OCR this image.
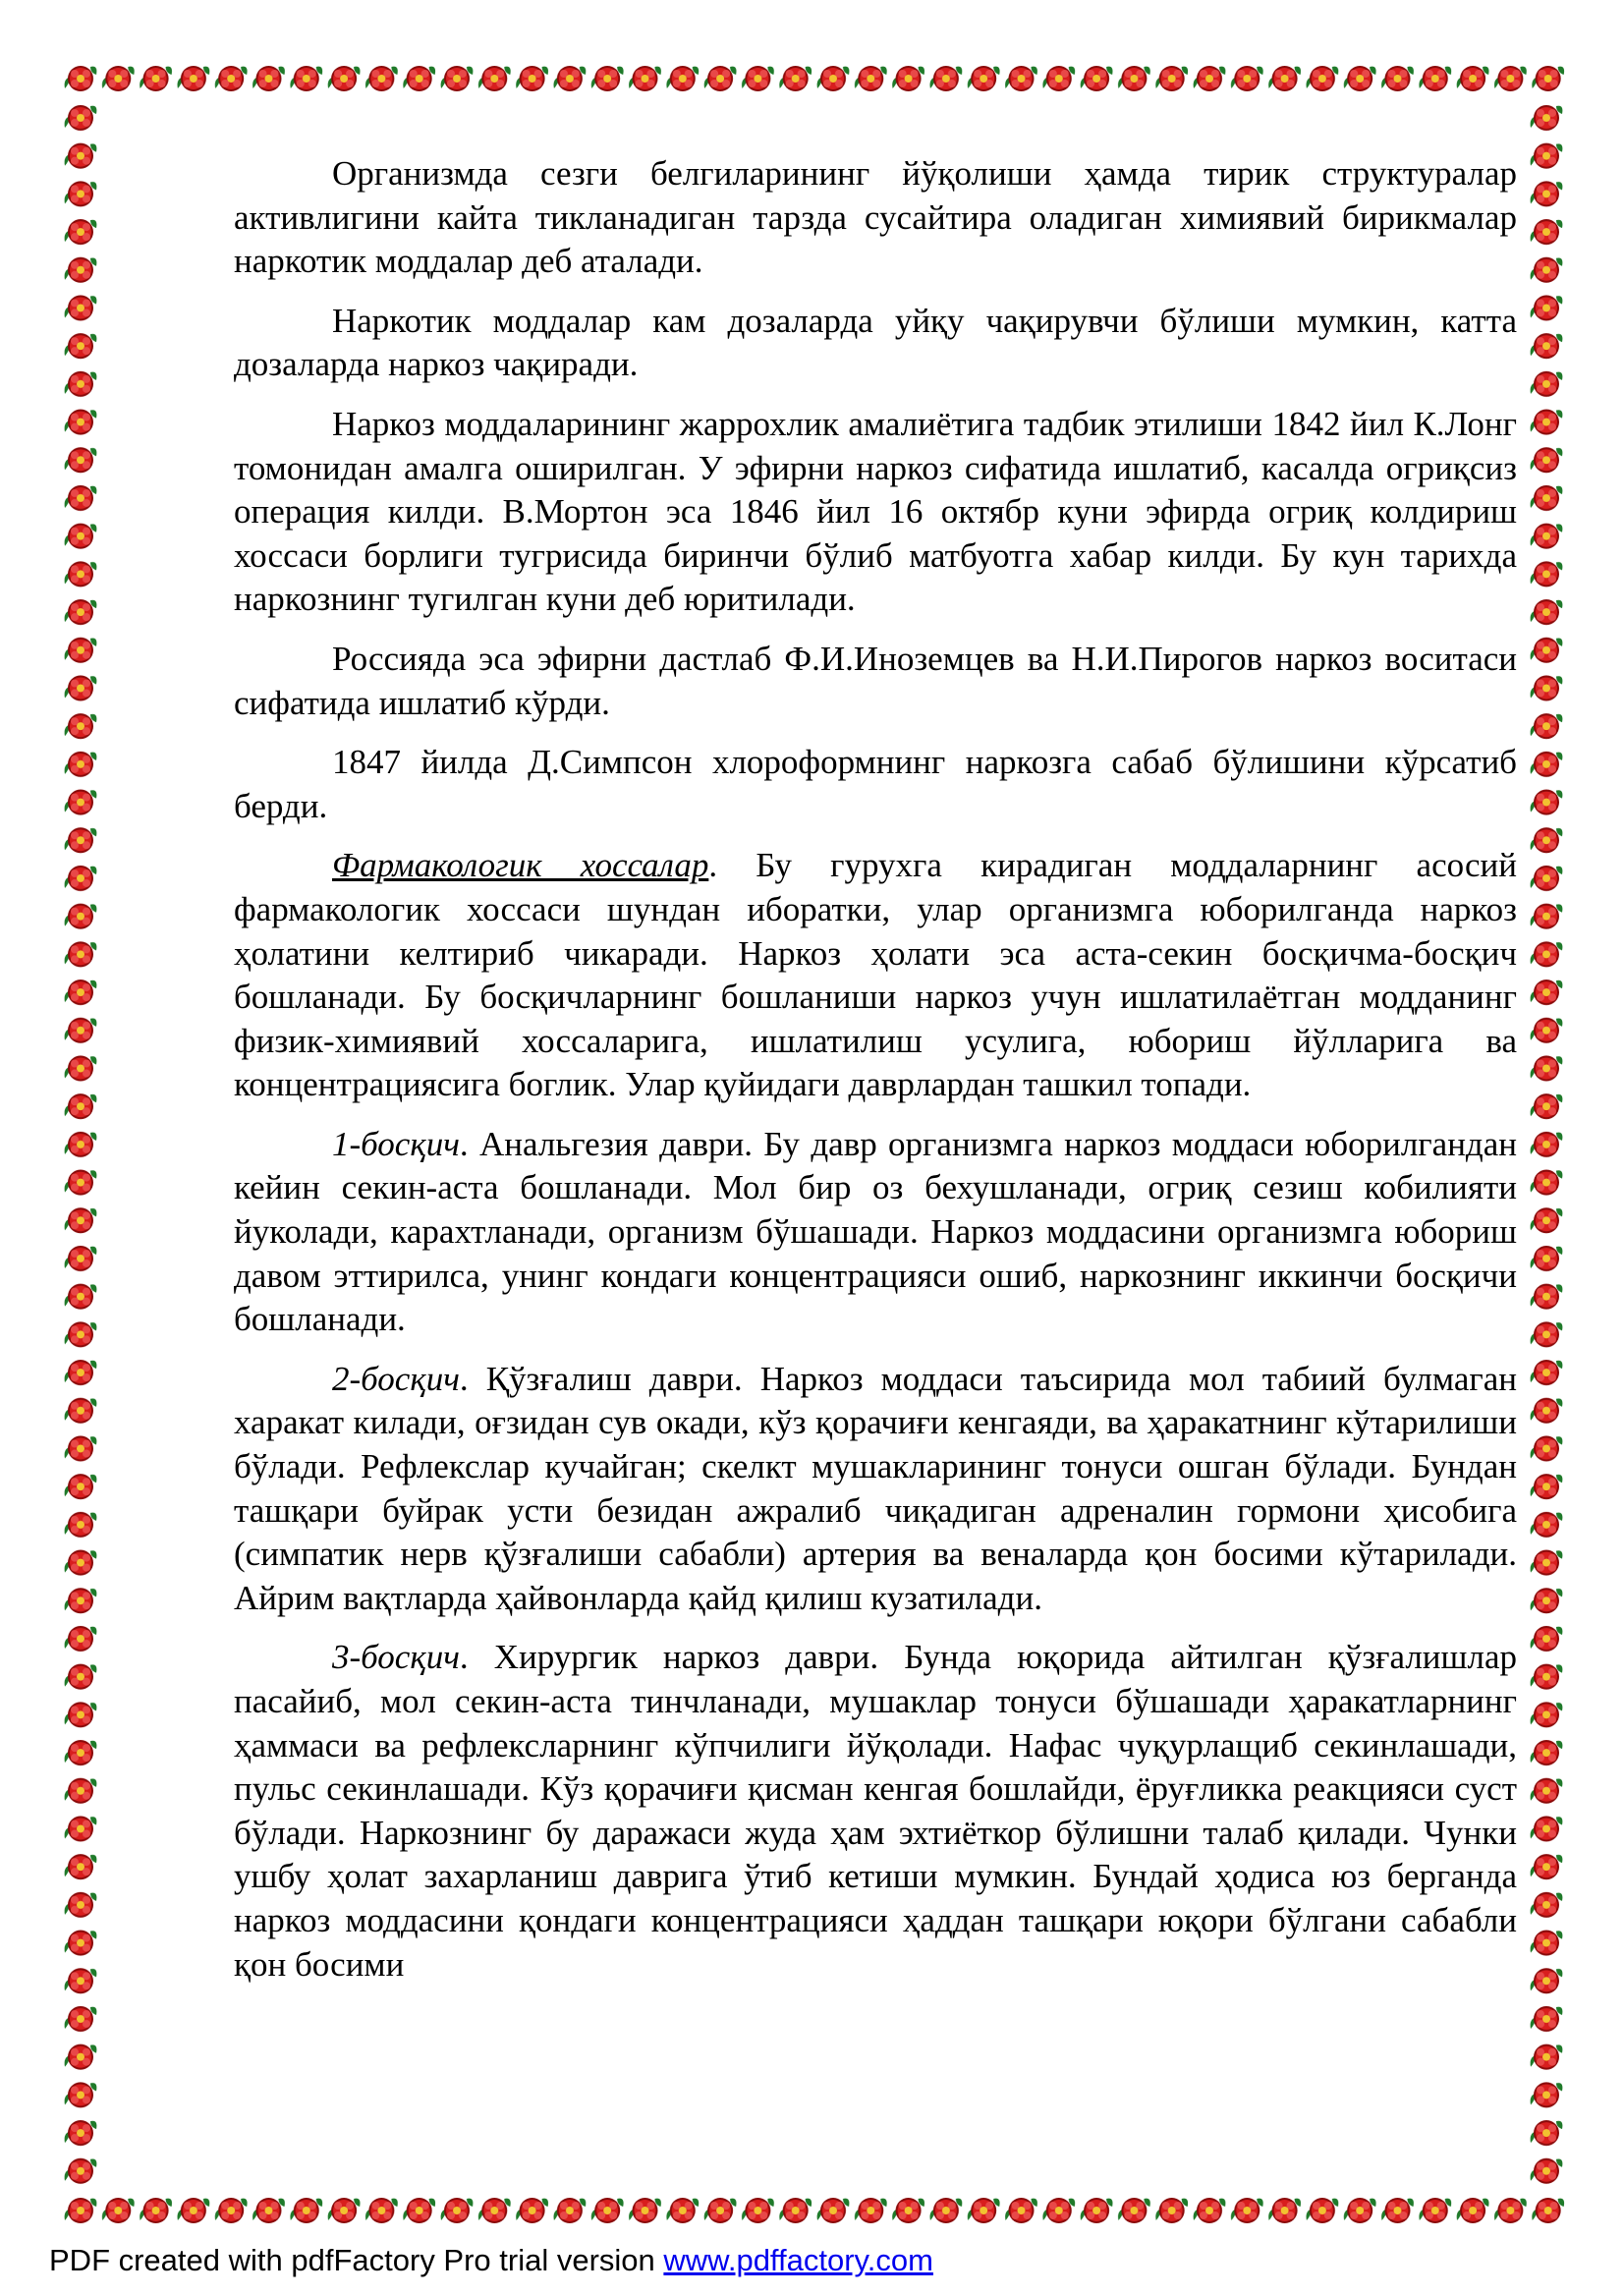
Организмда сезги белгиларининг йўқолиши ҳамда тирик структуралар активлигини кайта тикланадиган тарзда сусайтира оладиган химиявий бирикмалар наркотик моддалар деб аталади.

Наркотик моддалар кам дозаларда уйқу чақирувчи бўлиши мумкин, катта дозаларда наркоз чақиради.

Наркоз моддаларининг жаррохлик амалиётига тадбик этилиши 1842 йил К.Лонг томонидан амалга оширилган. У эфирни наркоз сифатида ишлатиб, касалда огриқсиз операция килди. В.Мортон эса 1846 йил 16 октябр куни эфирда огриқ колдириш хоссаси борлиги тугрисида биринчи бўлиб матбуотга хабар килди. Бу кун тарихда наркознинг тугилган куни деб юритилади.

Россияда эса эфирни дастлаб Ф.И.Иноземцев ва Н.И.Пирогов наркоз воситаси сифатида ишлатиб кўрди.

1847 йилда Д.Симпсон хлороформнинг наркозга сабаб бўлишини кўрсатиб берди.

Фармакологик хоссалар. Бу гурухга кирадиган моддаларнинг асосий фармакологик хоссаси шундан иборатки, улар организмга юборилганда наркоз ҳолатини келтириб чикаради. Наркоз ҳолати эса аста-секин босқичма-босқич бошланади. Бу босқичларнинг бошланиши наркоз учун ишлатилаётган модданинг физик-химиявий хоссаларига, ишлатилиш усулига, юбориш йўлларига ва концентрациясига боглик. Улар қуйидаги даврлардан ташкил топади.

1-босқич. Анальгезия даври. Бу давр организмга наркоз моддаси юборилгандан кейин секин-аста бошланади. Мол бир оз бехушланади, огриқ сезиш кобилияти йуколади, карахтланади, организм бўшашади. Наркоз моддасини организмга юбориш давом эттирилса, унинг кондаги концентрацияси ошиб, наркознинг иккинчи босқичи бошланади.

2-босқич. Қўзғалиш даври. Наркоз моддаси таъсирида мол табиий булмаган харакат килади, оғзидан сув окади, кўз қорачиғи кенгаяди, ва ҳаракатнинг кўтарилиши бўлади. Рефлекслар кучайган; скелкт мушакларининг тонуси ошган бўлади. Бундан ташқари буйрак усти безидан ажралиб чиқадиган адреналин гормони ҳисобига (симпатик нерв қўзғалиши сабабли) артерия ва веналарда қон босими кўтарилади. Айрим вақтларда ҳайвонларда қайд қилиш кузатилади.

3-босқич. Хирургик наркоз даври. Бунда юқорида айтилган қўзғалишлар пасайиб, мол секин-аста тинчланади, мушаклар тонуси бўшашади ҳаракатларнинг ҳаммаси ва рефлексларнинг кўпчилиги йўқолади. Нафас чуқурлащиб секинлашади, пульс секинлашади. Кўз қорачиғи қисман кенгая бошлайди, ёруғликка реакцияси суст бўлади. Наркознинг бу даражаси жуда ҳам эхтиёткор бўлишни талаб қилади. Чунки ушбу ҳолат захарланиш даврига ўтиб кетиши мумкин. Бундай ҳодиса юз берганда наркоз моддасини қондаги концентрацияси ҳаддан ташқари юқори бўлгани сабабли қон босими

PDF created with pdfFactory Pro trial version www.pdffactory.com
